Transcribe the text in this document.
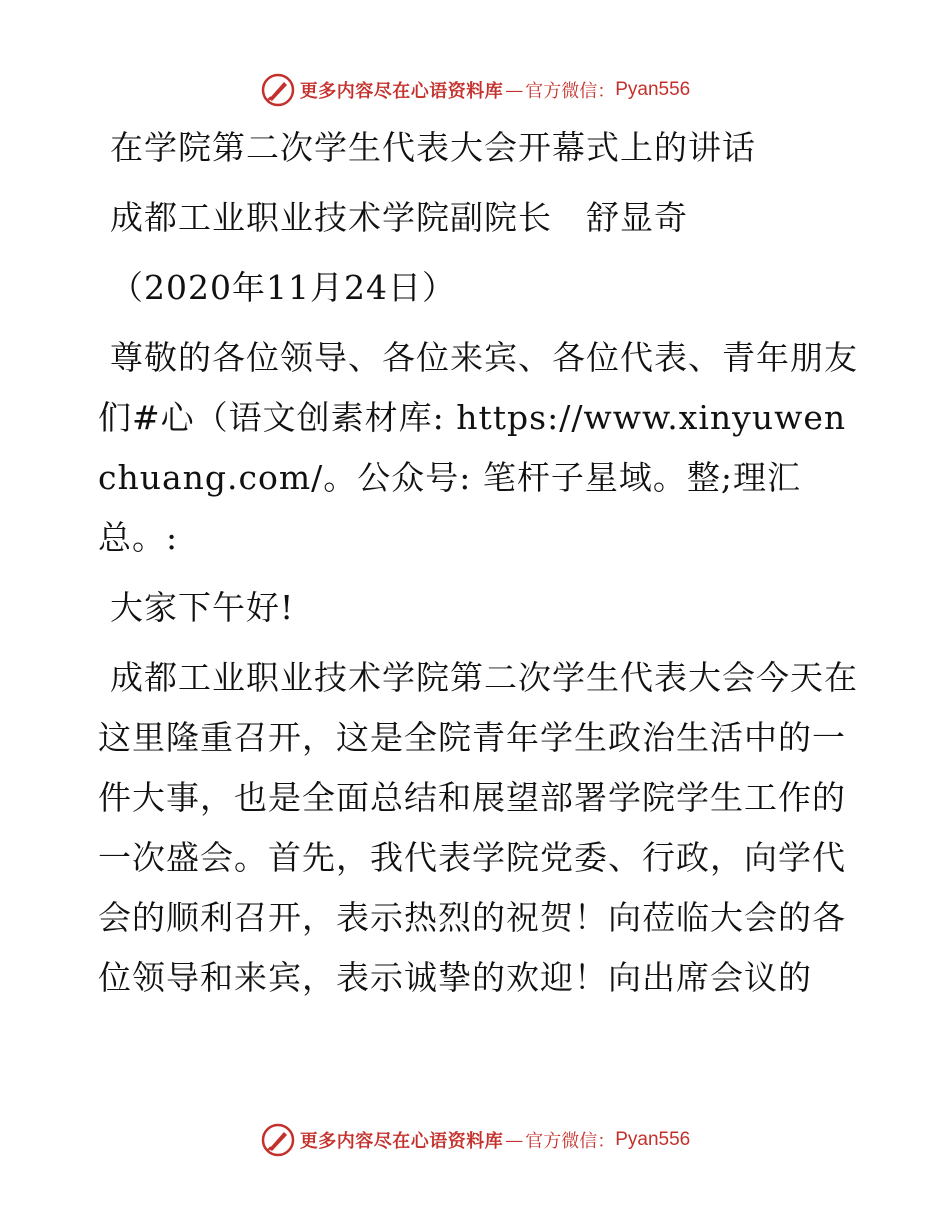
更多内容尽在心语资料库 — 官方微信： Pyan556

在学院第二次学生代表大会开幕式上的讲话

成都工业职业技术学院副院长　舒显奇

（2020年11月24日）

尊敬的各位领导、各位来宾、各位代表、青年朋友们#心（语文创素材库: https://www.xinyuwenchuang.com/。公众号: 笔杆子星域。整;理汇总。:

大家下午好!

成都工业职业技术学院第二次学生代表大会今天在这里隆重召开，这是全院青年学生政治生活中的一件大事，也是全面总结和展望部署学院学生工作的一次盛会。首先，我代表学院党委、行政，向学代会的顺利召开，表示热烈的祝贺！向莅临大会的各位领导和来宾，表示诚挚的欢迎！向出席会议的

更多内容尽在心语资料库 — 官方微信： Pyan556
